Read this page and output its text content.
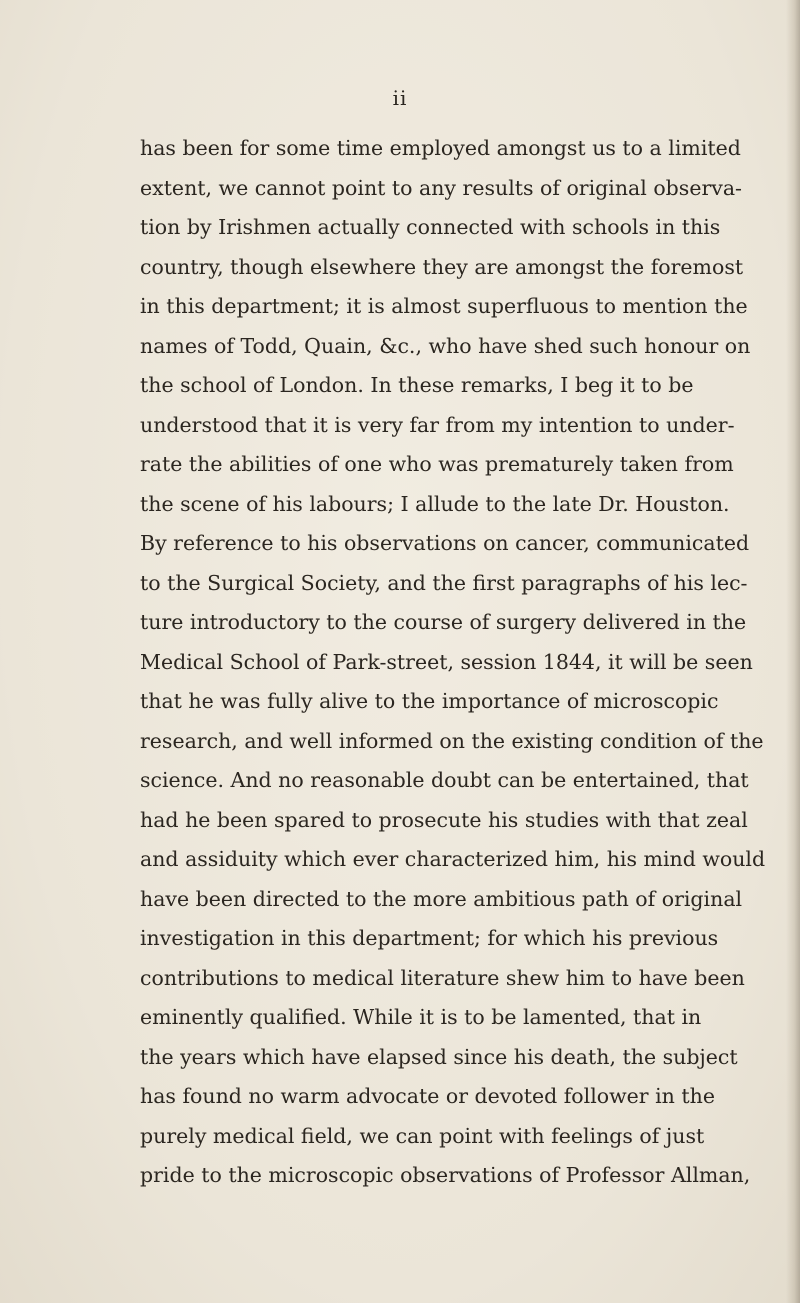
ii
has been for some time employed amongst us to a limited
extent, we cannot point to any results of original observa-
tion by Irishmen actually connected with schools in this
country, though elsewhere they are amongst the foremost
in this department; it is almost superfluous to mention the
names of Todd, Quain, &c., who have shed such honour on
the school of London. In these remarks, I beg it to be
understood that it is very far from my intention to under-
rate the abilities of one who was prematurely taken from
the scene of his labours; I allude to the late Dr. Houston.
By reference to his observations on cancer, communicated
to the Surgical Society, and the first paragraphs of his lec-
ture introductory to the course of surgery delivered in the
Medical School of Park-street, session 1844, it will be seen
that he was fully alive to the importance of microscopic
research, and well informed on the existing condition of the
science. And no reasonable doubt can be entertained, that
had he been spared to prosecute his studies with that zeal
and assiduity which ever characterized him, his mind would
have been directed to the more ambitious path of original
investigation in this department; for which his previous
contributions to medical literature shew him to have been
eminently qualified. While it is to be lamented, that in
the years which have elapsed since his death, the subject
has found no warm advocate or devoted follower in the
purely medical field, we can point with feelings of just
pride to the microscopic observations of Professor Allman,
